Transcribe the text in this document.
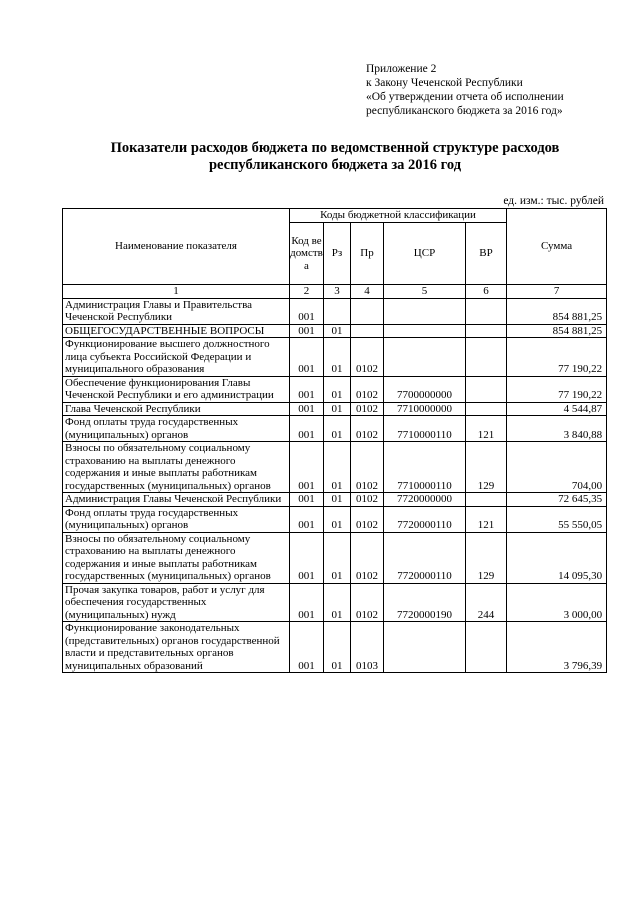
Приложение 2
к Закону Чеченской Республики
«Об утверждении отчета об исполнении
республиканского бюджета за 2016 год»
Показатели расходов бюджета по ведомственной структуре расходов
республиканского бюджета за 2016 год
ед. изм.: тыс. рублей
Наименование показателя	Коды бюджетной классификации					Сумма
	Код ведомства	Рз	Пр	ЦСР	ВР	
1	2	3	4	5	6	7
Администрация Главы и Правительства Чеченской Республики	001					854 881,25
ОБЩЕГОСУДАРСТВЕННЫЕ ВОПРОСЫ	001	01				854 881,25
Функционирование высшего должностного лица субъекта Российской Федерации и муниципального образования	001	01	0102			77 190,22
Обеспечение функционирования Главы Чеченской Республики и его администрации	001	01	0102	7700000000		77 190,22
Глава Чеченской Республики	001	01	0102	7710000000		4 544,87
Фонд оплаты труда государственных (муниципальных) органов	001	01	0102	7710000110	121	3 840,88
Взносы по обязательному социальному страхованию на выплаты денежного содержания и иные выплаты работникам государственных (муниципальных) органов	001	01	0102	7710000110	129	704,00
Администрация Главы Чеченской Республики	001	01	0102	7720000000		72 645,35
Фонд оплаты труда государственных (муниципальных) органов	001	01	0102	7720000110	121	55 550,05
Взносы по обязательному социальному страхованию на выплаты денежного содержания и иные выплаты работникам государственных (муниципальных) органов	001	01	0102	7720000110	129	14 095,30
Прочая закупка товаров, работ и услуг для обеспечения государственных (муниципальных) нужд	001	01	0102	7720000190	244	3 000,00
Функционирование законодательных (представительных) органов государственной власти и представительных органов муниципальных образований	001	01	0103			3 796,39
